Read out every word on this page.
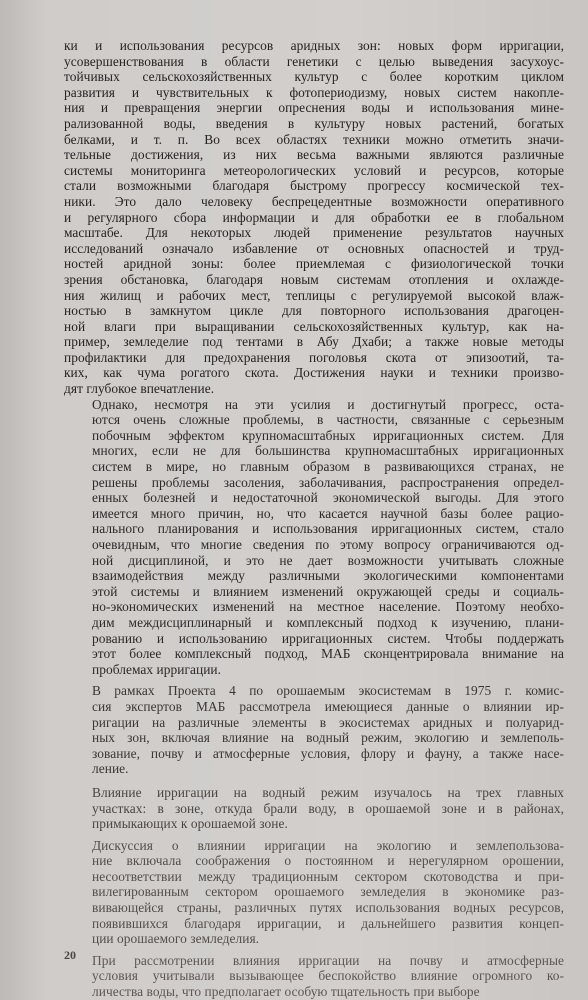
ки и использования ресурсов аридных зон: новых форм ирригации,
усовершенствования в области генетики с целью выведения засухоус-
тойчивых сельскохозяйственных культур с более коротким циклом
развития и чувствительных к фотопериодизму, новых систем накопле-
ния и превращения энергии опреснения воды и использования мине-
рализованной воды, введения в культуру новых растений, богатых
белками, и т. п. Во всех областях техники можно отметить значи-
тельные достижения, из них весьма важными являются различные
системы мониторинга метеорологических условий и ресурсов, которые
стали возможными благодаря быстрому прогрессу космической тех-
ники. Это дало человеку беспрецедентные возможности оперативного
и регулярного сбора информации и для обработки ее в глобальном
масштабе. Для некоторых людей применение результатов научных
исследований означало избавление от основных опасностей и труд-
ностей аридной зоны: более приемлемая с физиологической точки
зрения обстановка, благодаря новым системам отопления и охлажде-
ния жилищ и рабочих мест, теплицы с регулируемой высокой влаж-
ностью в замкнутом цикле для повторного использования драгоцен-
ной влаги при выращивании сельскохозяйственных культур, как на-
пример, земледелие под тентами в Абу Дхаби; а также новые методы
профилактики для предохранения поголовья скота от эпизоотий, та-
ких, как чума рогатого скота. Достижения науки и техники произво-
дят глубокое впечатление.
Однако, несмотря на эти усилия и достигнутый прогресс, оста-
ются очень сложные проблемы, в частности, связанные с серьезным
побочным эффектом крупномасштабных ирригационных систем. Для
многих, если не для большинства крупномасштабных ирригационных
систем в мире, но главным образом в развивающихся странах, не
решены проблемы засоления, заболачивания, распространения определ-
енных болезней и недостаточной экономической выгоды. Для этого
имеется много причин, но, что касается научной базы более рацио-
нального планирования и использования ирригационных систем, стало
очевидным, что многие сведения по этому вопросу ограничиваются од-
ной дисциплиной, и это не дает возможности учитывать сложные
взаимодействия между различными экологическими компонентами
этой системы и влиянием изменений окружающей среды и социаль-
но-экономических изменений на местное население. Поэтому необхо-
дим междисциплинарный и комплексный подход к изучению, плани-
рованию и использованию ирригационных систем. Чтобы поддержать
этот более комплексный подход, МАБ сконцентрировала внимание на
проблемах ирригации.
В рамках Проекта 4 по орошаемым экосистемам в 1975 г. комис-
сия экспертов МАБ рассмотрела имеющиеся данные о влиянии ир-
ригации на различные элементы в экосистемах аридных и полуарид-
ных зон, включая влияние на водный режим, экологию и землеполь-
зование, почву и атмосферные условия, флору и фауну, а также насе-
ление.
Влияние ирригации на водный режим изучалось на трех главных
участках: в зоне, откуда брали воду, в орошаемой зоне и в районах,
примыкающих к орошаемой зоне.
Дискуссия о влиянии ирригации на экологию и землепользова-
ние включала соображения о постоянном и нерегулярном орошении,
несоответствии между традиционным сектором скотоводства и при-
вилегированным сектором орошаемого земледелия в экономике раз-
вивающейся страны, различных путях использования водных ресурсов,
появившихся благодаря ирригации, и дальнейшего развития концеп-
ции орошаемого земледелия.
При рассмотрении влияния ирригации на почву и атмосферные
условия учитывали вызывающее беспокойство влияние огромного ко-
личества воды, что предполагает особую тщательность при выборе
20
